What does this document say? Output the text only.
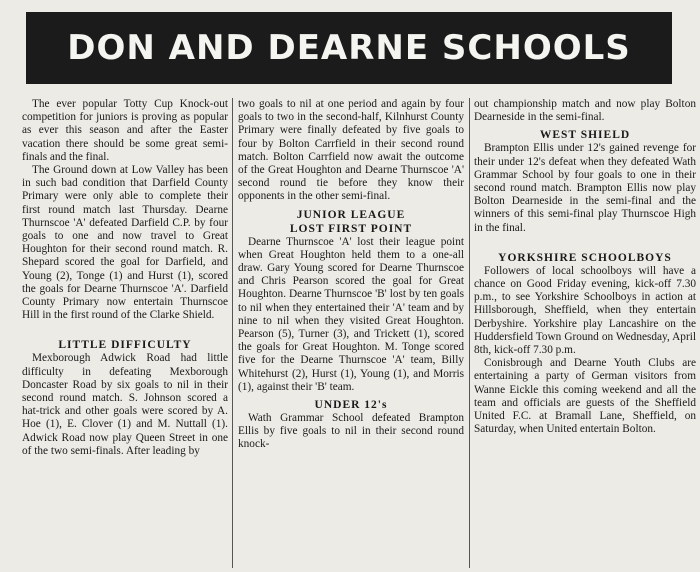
DON AND DEARNE SCHOOLS

The ever popular Totty Cup Knock-out competition for juniors is proving as popular as ever this season and after the Easter vacation there should be some great semi-finals and the final.

The Ground down at Low Valley has been in such bad condition that Darfield County Primary were only able to complete their first round match last Thursday. Dearne Thurnscoe 'A' defeated Darfield C.P. by four goals to one and now travel to Great Houghton for their second round match. R. Shepard scored the goal for Darfield, and Young (2), Tonge (1) and Hurst (1), scored the goals for Dearne Thurnscoe 'A'. Darfield County Primary now entertain Thurnscoe Hill in the first round of the Clarke Shield.

LITTLE DIFFICULTY

Mexborough Adwick Road had little difficulty in defeating Mexborough Doncaster Road by six goals to nil in their second round match. S. Johnson scored a hat-trick and other goals were scored by A. Hoe (1), E. Clover (1) and M. Nuttall (1). Adwick Road now play Queen Street in one of the two semi-finals. After leading by

two goals to nil at one period and again by four goals to two in the second-half, Kilnhurst County Primary were finally defeated by five goals to four by Bolton Carrfield in their second round match. Bolton Carrfield now await the outcome of the Great Houghton and Dearne Thurnscoe 'A' second round tie before they know their opponents in the other semi-final.

JUNIOR LEAGUE
LOST FIRST POINT

Dearne Thurnscoe 'A' lost their league point when Great Houghton held them to a one-all draw. Gary Young scored for Dearne Thurnscoe and Chris Pearson scored the goal for Great Houghton. Dearne Thurnscoe 'B' lost by ten goals to nil when they entertained their 'A' team and by nine to nil when they visited Great Houghton. Pearson (5), Turner (3), and Trickett (1), scored the goals for Great Houghton. M. Tonge scored five for the Dearne Thurnscoe 'A' team, Billy Whitehurst (2), Hurst (1), Young (1), and Morris (1), against their 'B' team.

UNDER 12's

Wath Grammar School defeated Brampton Ellis by five goals to nil in their second round knock-

out championship match and now play Bolton Dearneside in the semi-final.

WEST SHIELD

Brampton Ellis under 12's gained revenge for their under 12's defeat when they defeated Wath Grammar School by four goals to one in their second round match. Brampton Ellis now play Bolton Dearneside in the semi-final and the winners of this semi-final play Thurnscoe High in the final.

YORKSHIRE SCHOOLBOYS

Followers of local schoolboys will have a chance on Good Friday evening, kick-off 7.30 p.m., to see Yorkshire Schoolboys in action at Hillsborough, Sheffield, when they entertain Derbyshire. Yorkshire play Lancashire on the Huddersfield Town Ground on Wednesday, April 8th, kick-off 7.30 p.m.

Conisbrough and Dearne Youth Clubs are entertaining a party of German visitors from Wanne Eickle this coming weekend and all the team and officials are guests of the Sheffield United F.C. at Bramall Lane, Sheffield, on Saturday, when United entertain Bolton.
